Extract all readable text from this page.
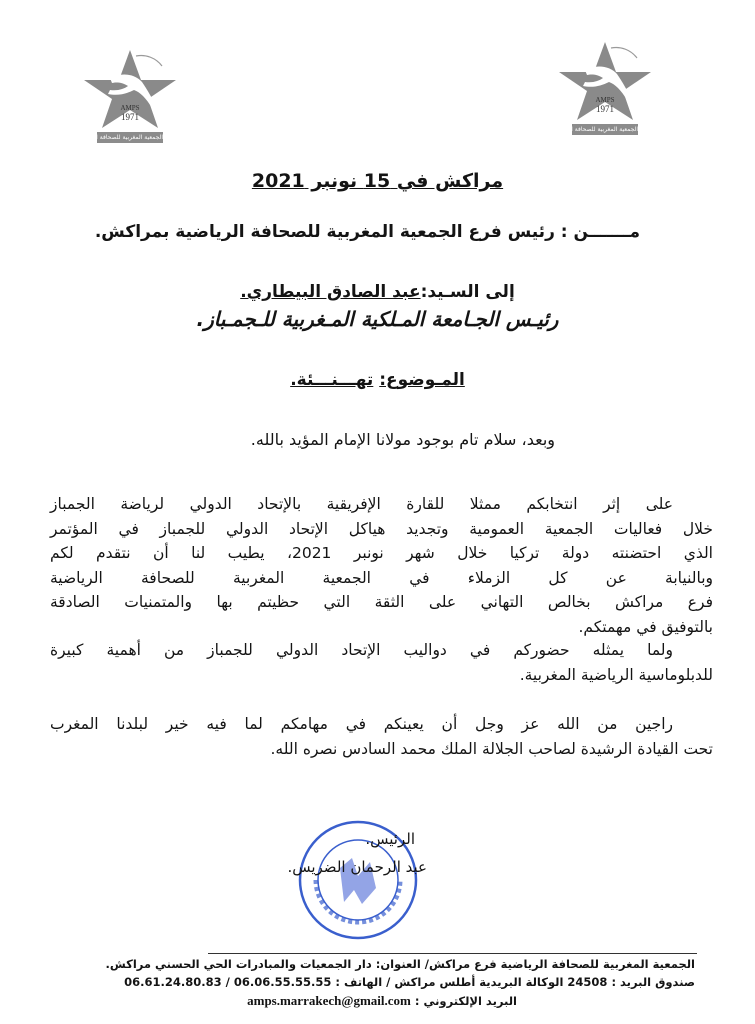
AMPS
1971
الجمعية المغربية للصحافة الرياضية
AMPS
1971
الجمعية المغربية للصحافة الرياضية
مراكش في 15 نونبر 2021
مـــــــن : رئيس فرع الجمعية المغربية للصحافة الرياضية بمراكش.
إلى السـيد:عبد الصادق البيطاري.
رئيـس الجـامعة المـلكية المـغربية للـجمـباز.
المـوضوع: تهـــنـــئة.
وبعد، سلام تام بوجود مولانا الإمام المؤيد بالله.
على إثر انتخابكم ممثلا للقارة الإفريقية بالإتحاد الدولي لرياضة الجمباز
خلال فعاليات الجمعية العمومية وتجديد هياكل الإتحاد الدولي للجمباز في المؤتمر
الذي احتضنته دولة تركيا خلال شهر نونبر 2021، يطيب لنا أن نتقدم لكم
وبالنيابة عن كل الزملاء في الجمعية المغربية للصحافة الرياضية
فرع مراكش بخالص التهاني على الثقة التي حظيتم بها والمتمنيات الصادقة
بالتوفيق في مهمتكم.
ولما يمثله حضوركم في دواليب الإتحاد الدولي للجمباز من أهمية كبيرة
للدبلوماسية الرياضية المغربية.
راجين من الله عز وجل أن يعينكم في مهامكم لما فيه خير لبلدنا المغرب
تحت القيادة الرشيدة لصاحب الجلالة الملك محمد السادس نصره الله.
الرئيس.
عبد الرحمان الضريس.
الجمعية المغربية للصحافة الرياضية فرع مراكش/ العنوان: دار الجمعيات والمبادرات الحي الحسني مراكش.
صندوق البريد : 24508 الوكالة البريدية أطلس مراكش / الهاتف : 06.06.55.55.55 / 06.61.24.80.83
البريد الإلكتروني : amps.marrakech@gmail.com
